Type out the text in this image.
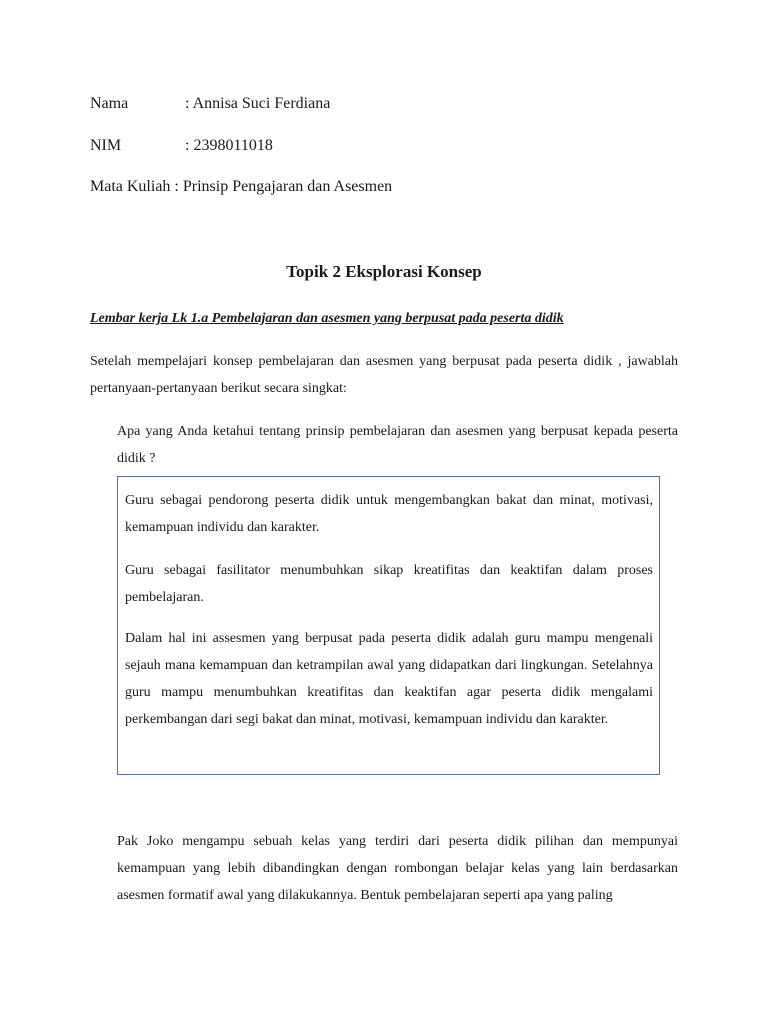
Nama	: Annisa Suci Ferdiana
NIM	: 2398011018
Mata Kuliah : Prinsip Pengajaran dan Asesmen
Topik 2 Eksplorasi Konsep
Lembar kerja Lk 1.a Pembelajaran dan asesmen yang berpusat pada peserta didik
Setelah mempelajari konsep pembelajaran dan asesmen yang berpusat pada peserta didik , jawablah pertanyaan-pertanyaan berikut secara singkat:
Apa yang Anda ketahui tentang prinsip pembelajaran dan asesmen yang berpusat kepada peserta didik ?

Guru sebagai pendorong peserta didik untuk mengembangkan bakat dan minat, motivasi, kemampuan individu dan karakter.

Guru sebagai fasilitator menumbuhkan sikap kreatifitas dan keaktifan dalam proses pembelajaran.

Dalam hal ini assesmen yang berpusat pada peserta didik adalah guru mampu mengenali sejauh mana kemampuan dan ketrampilan awal yang didapatkan dari lingkungan. Setelahnya guru mampu menumbuhkan kreatifitas dan keaktifan agar peserta didik mengalami perkembangan dari segi bakat dan minat, motivasi, kemampuan individu dan karakter.

Pak Joko mengampu sebuah kelas yang terdiri dari peserta didik pilihan dan mempunyai kemampuan yang lebih dibandingkan dengan rombongan belajar kelas yang lain berdasarkan asesmen formatif awal yang dilakukannya. Bentuk pembelajaran seperti apa yang paling
